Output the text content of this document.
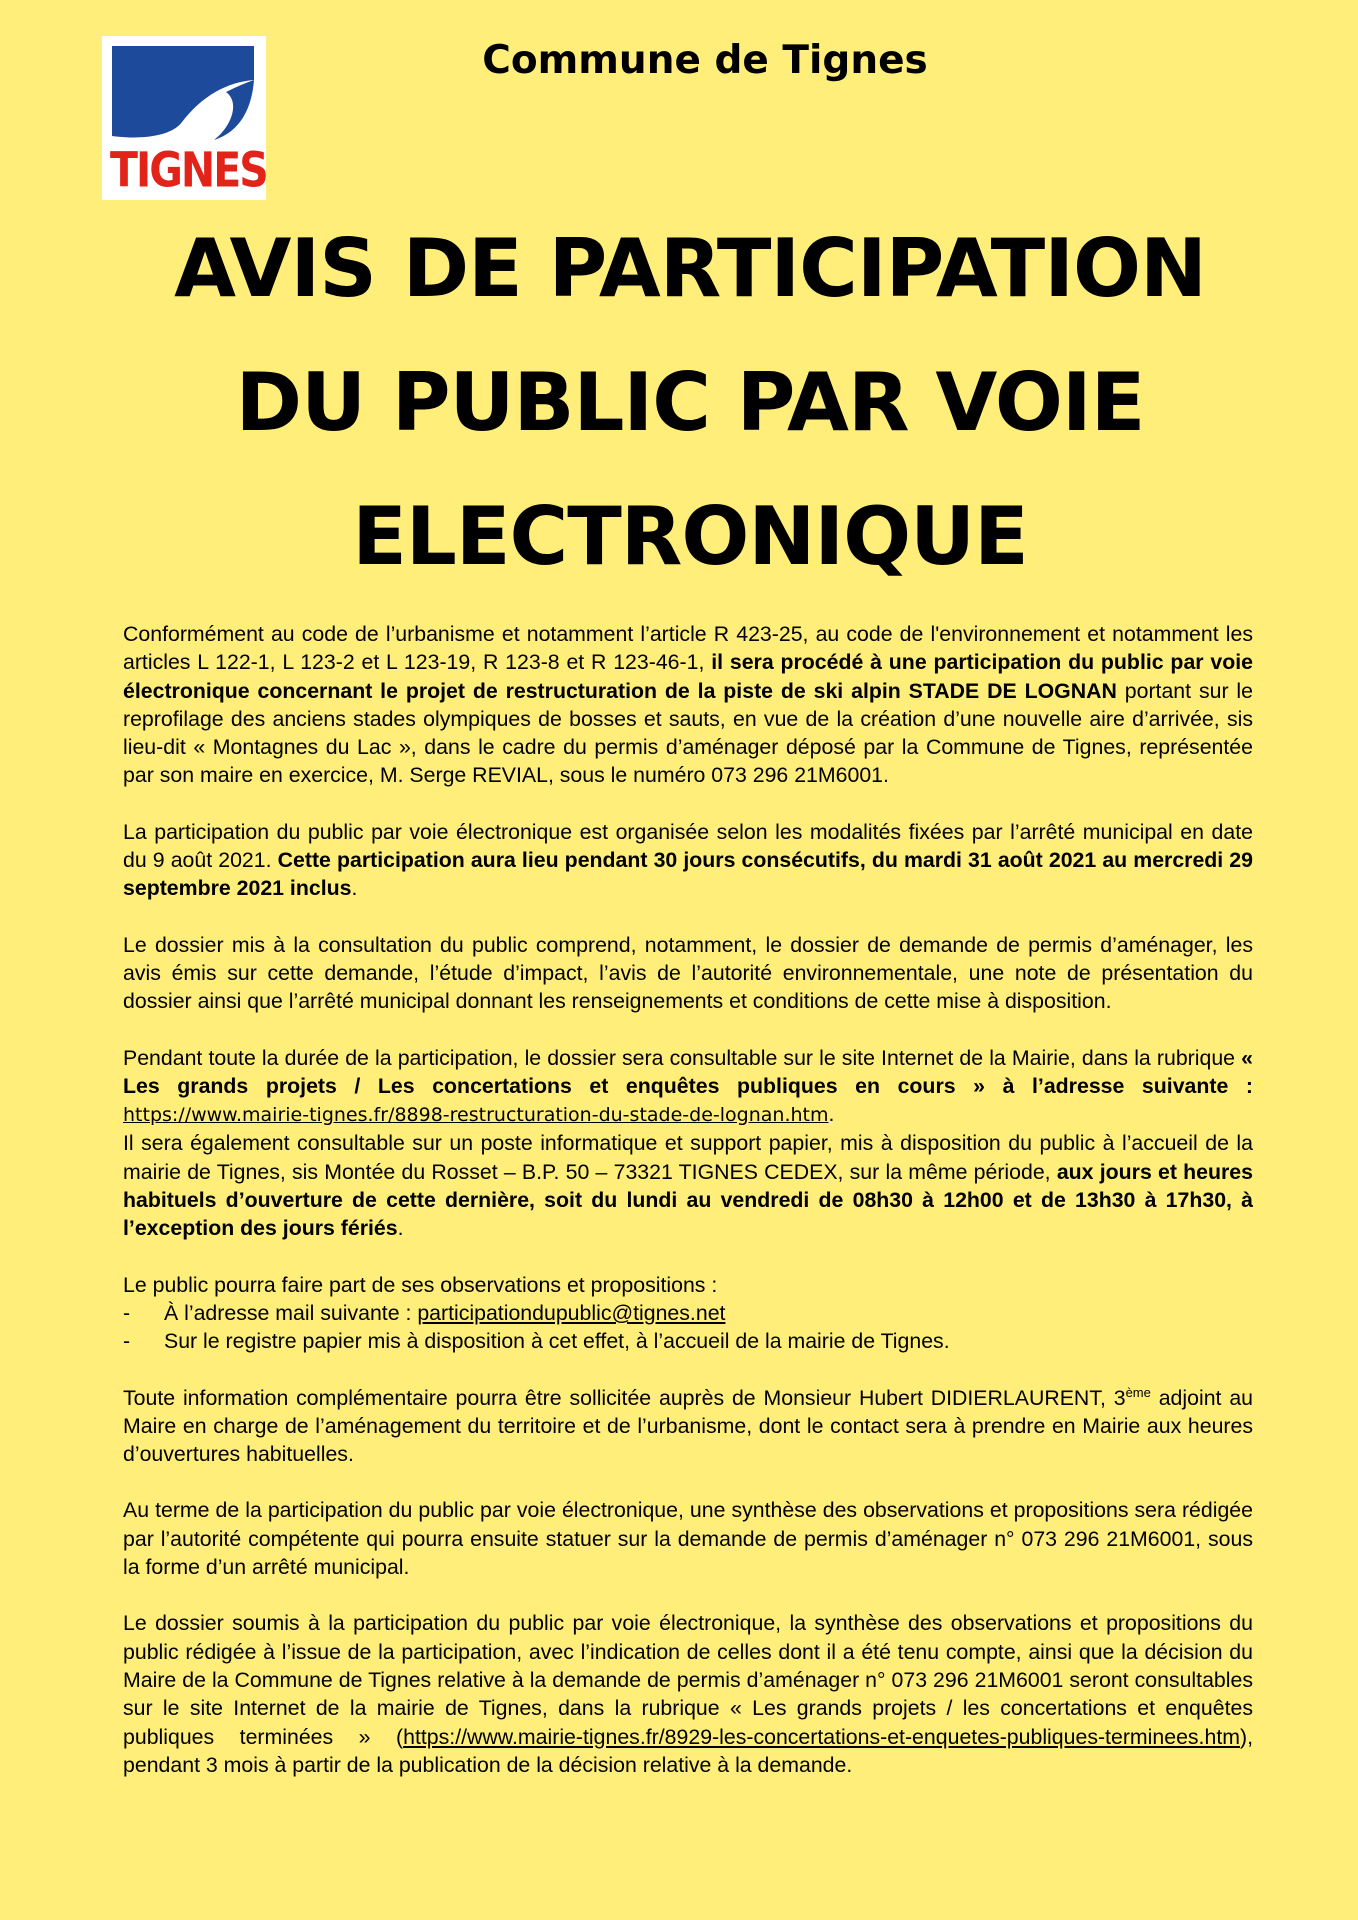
TIGNES
Commune de Tignes
AVIS DE PARTICIPATION
DU PUBLIC PAR VOIE
ELECTRONIQUE

Conformément au code de l’urbanisme et notamment l’article R 423-25, au code de l'environnement et notamment les articles L 122-1, L 123-2 et L 123-19, R 123-8 et R 123-46-1, il sera procédé à une participation du public par voie électronique concernant le projet de restructuration de la piste de ski alpin STADE DE LOGNAN portant sur le reprofilage des anciens stades olympiques de bosses et sauts, en vue de la création d’une nouvelle aire d’arrivée, sis lieu-dit « Montagnes du Lac », dans le cadre du permis d’aménager déposé par la Commune de Tignes, représentée par son maire en exercice, M. Serge REVIAL, sous le numéro 073 296 21M6001.

La participation du public par voie électronique est organisée selon les modalités fixées par l’arrêté municipal en date du 9 août 2021. Cette participation aura lieu pendant 30 jours consécutifs, du mardi 31 août 2021 au mercredi 29 septembre 2021 inclus.

Le dossier mis à la consultation du public comprend, notamment, le dossier de demande de permis d’aménager, les avis émis sur cette demande, l’étude d’impact, l’avis de l’autorité environnementale, une note de présentation du dossier ainsi que l’arrêté municipal donnant les renseignements et conditions de cette mise à disposition.

Pendant toute la durée de la participation, le dossier sera consultable sur le site Internet de la Mairie, dans la rubrique « Les grands projets / Les concertations et enquêtes publiques en cours » à l’adresse suivante : https://www.mairie-tignes.fr/8898-restructuration-du-stade-de-lognan.htm.

Il sera également consultable sur un poste informatique et support papier, mis à disposition du public à l’accueil de la mairie de Tignes, sis Montée du Rosset – B.P. 50 – 73321 TIGNES CEDEX, sur la même période, aux jours et heures habituels d’ouverture de cette dernière, soit du lundi au vendredi de 08h30 à 12h00 et de 13h30 à 17h30, à l’exception des jours fériés.

Le public pourra faire part de ses observations et propositions :

- À l’adresse mail suivante : participationdupublic@tignes.net
- Sur le registre papier mis à disposition à cet effet, à l’accueil de la mairie de Tignes.

Toute information complémentaire pourra être sollicitée auprès de Monsieur Hubert DIDIERLAURENT, 3ème adjoint au Maire en charge de l’aménagement du territoire et de l’urbanisme, dont le contact sera à prendre en Mairie aux heures d’ouvertures habituelles.

Au terme de la participation du public par voie électronique, une synthèse des observations et propositions sera rédigée par l’autorité compétente qui pourra ensuite statuer sur la demande de permis d’aménager n° 073 296 21M6001, sous la forme d’un arrêté municipal.

Le dossier soumis à la participation du public par voie électronique, la synthèse des observations et propositions du public rédigée à l’issue de la participation, avec l’indication de celles dont il a été tenu compte, ainsi que la décision du Maire de la Commune de Tignes relative à la demande de permis d’aménager n° 073 296 21M6001 seront consultables sur le site Internet de la mairie de Tignes, dans la rubrique « Les grands projets / les concertations et enquêtes publiques terminées » (https://www.mairie-tignes.fr/8929-les-concertations-et-enquetes-publiques-terminees.htm), pendant 3 mois à partir de la publication de la décision relative à la demande.
